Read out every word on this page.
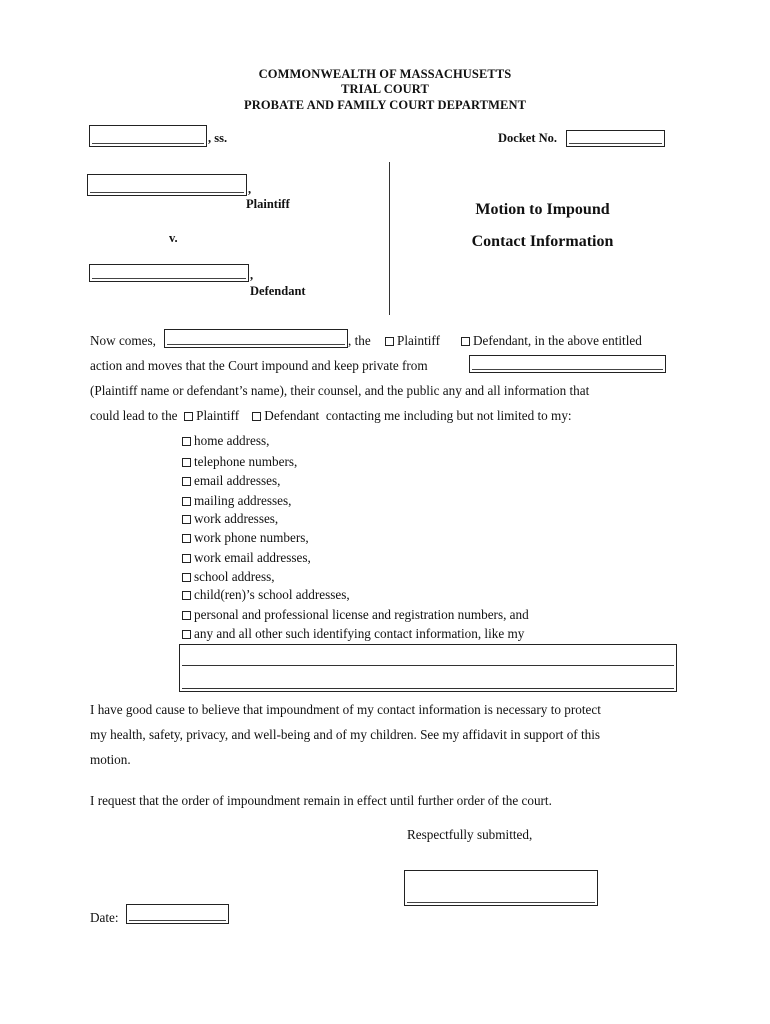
COMMONWEALTH OF MASSACHUSETTS
TRIAL COURT
PROBATE AND FAMILY COURT DEPARTMENT
, ss.	Docket No.
,
Plaintiff
v.
,
Defendant
Motion to Impound
Contact Information
Now comes,	, the	Plaintiff	Defendant, in the above entitled
action and moves that the Court impound and keep private from
(Plaintiff name or defendant’s name), their counsel, and the public any and all information that
could lead to the Plaintiff Defendant contacting me including but not limited to my:
home address,
telephone numbers,
email addresses,
mailing addresses,
work addresses,
work phone numbers,
work email addresses,
school address,
child(ren)’s school addresses,
personal and professional license and registration numbers, and
any and all other such identifying contact information, like my
I have good cause to believe that impoundment of my contact information is necessary to protect
my health, safety, privacy, and well-being and of my children. See my affidavit in support of this
motion.
I request that the order of impoundment remain in effect until further order of the court.
Respectfully submitted,
Date:
